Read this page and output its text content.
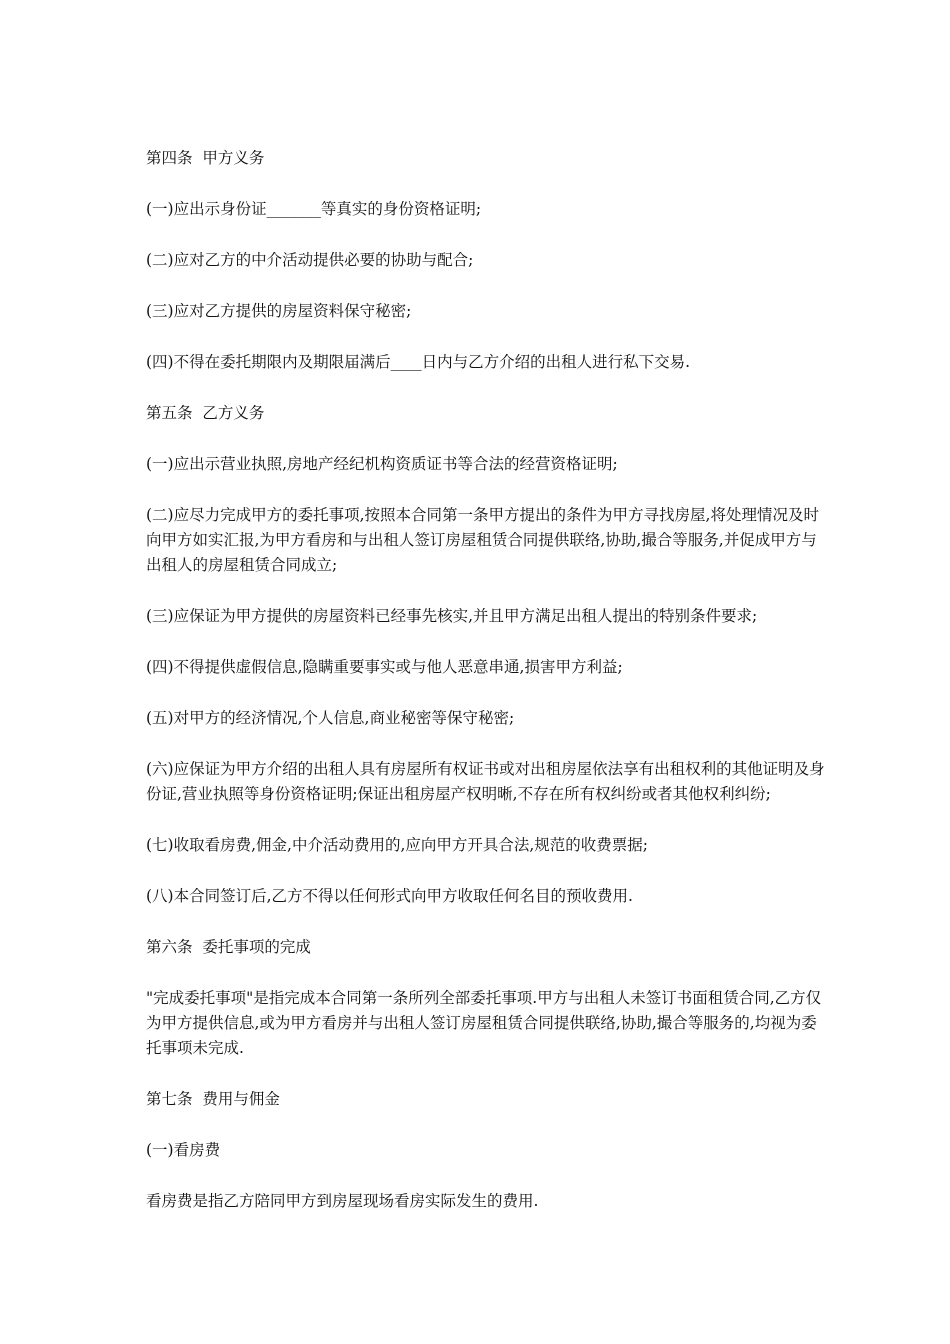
第四条  甲方义务

(一)应出示身份证_______等真实的身份资格证明;

(二)应对乙方的中介活动提供必要的协助与配合;

(三)应对乙方提供的房屋资料保守秘密;

(四)不得在委托期限内及期限届满后____日内与乙方介绍的出租人进行私下交易.

第五条  乙方义务

(一)应出示营业执照,房地产经纪机构资质证书等合法的经营资格证明;

(二)应尽力完成甲方的委托事项,按照本合同第一条甲方提出的条件为甲方寻找房屋,将处理情况及时向甲方如实汇报,为甲方看房和与出租人签订房屋租赁合同提供联络,协助,撮合等服务,并促成甲方与出租人的房屋租赁合同成立;

(三)应保证为甲方提供的房屋资料已经事先核实,并且甲方满足出租人提出的特别条件要求;

(四)不得提供虚假信息,隐瞒重要事实或与他人恶意串通,损害甲方利益;

(五)对甲方的经济情况,个人信息,商业秘密等保守秘密;

(六)应保证为甲方介绍的出租人具有房屋所有权证书或对出租房屋依法享有出租权利的其他证明及身份证,营业执照等身份资格证明;保证出租房屋产权明晰,不存在所有权纠纷或者其他权利纠纷;

(七)收取看房费,佣金,中介活动费用的,应向甲方开具合法,规范的收费票据;

(八)本合同签订后,乙方不得以任何形式向甲方收取任何名目的预收费用.

第六条  委托事项的完成

"完成委托事项"是指完成本合同第一条所列全部委托事项.甲方与出租人未签订书面租赁合同,乙方仅为甲方提供信息,或为甲方看房并与出租人签订房屋租赁合同提供联络,协助,撮合等服务的,均视为委托事项未完成.

第七条  费用与佣金

(一)看房费

看房费是指乙方陪同甲方到房屋现场看房实际发生的费用.
